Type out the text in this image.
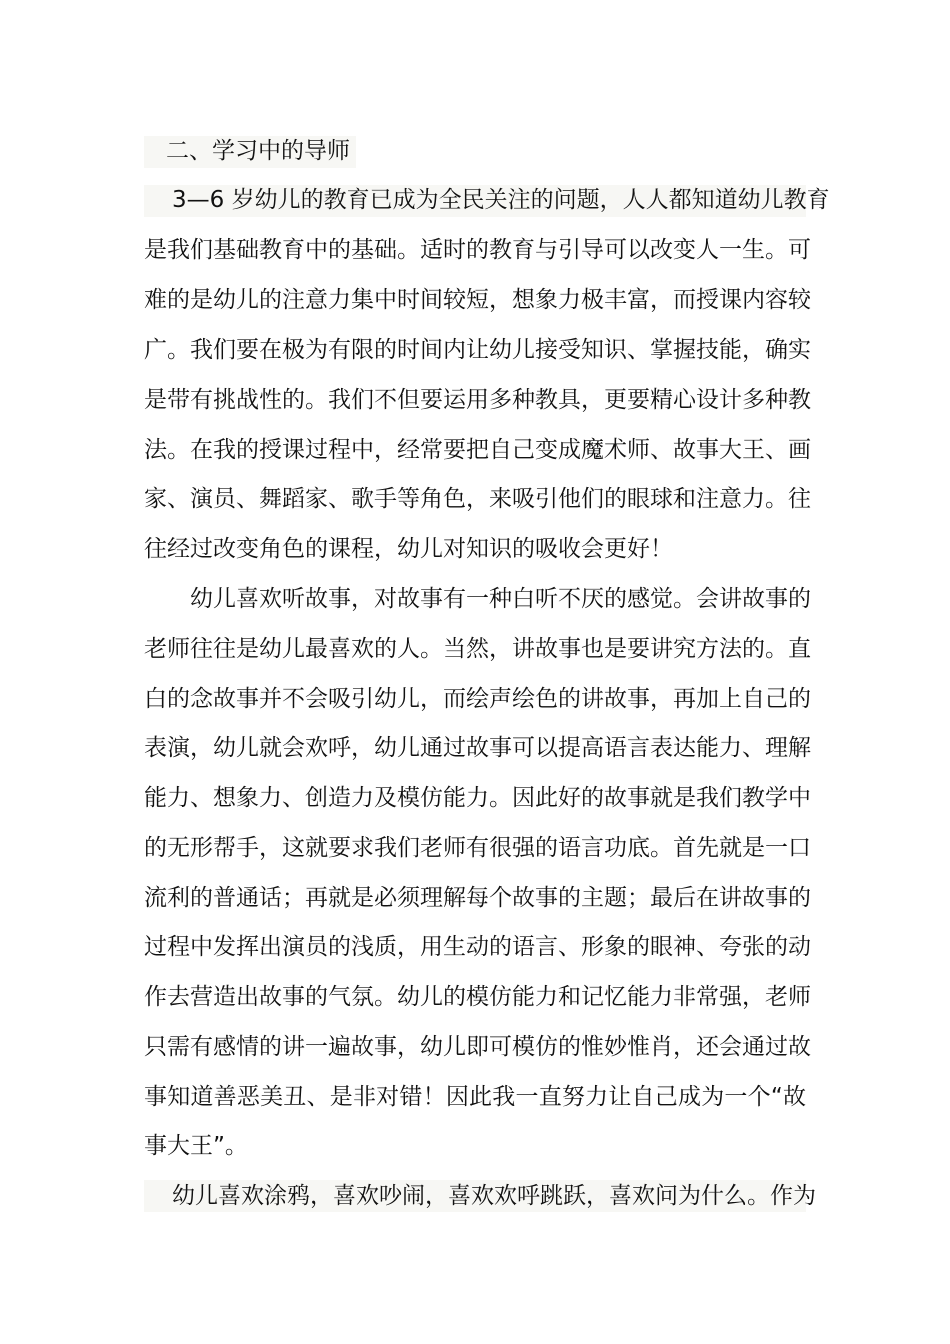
二、学习中的导师
3—6 岁幼儿的教育已成为全民关注的问题，人人都知道幼儿教育
是我们基础教育中的基础。适时的教育与引导可以改变人一生。可
难的是幼儿的注意力集中时间较短，想象力极丰富，而授课内容较
广。我们要在极为有限的时间内让幼儿接受知识、掌握技能，确实
是带有挑战性的。我们不但要运用多种教具，更要精心设计多种教
法。在我的授课过程中，经常要把自己变成魔术师、故事大王、画
家、演员、舞蹈家、歌手等角色，来吸引他们的眼球和注意力。往
往经过改变角色的课程，幼儿对知识的吸收会更好！
幼儿喜欢听故事，对故事有一种白听不厌的感觉。会讲故事的
老师往往是幼儿最喜欢的人。当然，讲故事也是要讲究方法的。直
白的念故事并不会吸引幼儿，而绘声绘色的讲故事，再加上自己的
表演，幼儿就会欢呼，幼儿通过故事可以提高语言表达能力、理解
能力、想象力、创造力及模仿能力。因此好的故事就是我们教学中
的无形帮手，这就要求我们老师有很强的语言功底。首先就是一口
流利的普通话；再就是必须理解每个故事的主题；最后在讲故事的
过程中发挥出演员的浅质，用生动的语言、形象的眼神、夸张的动
作去营造出故事的气氛。幼儿的模仿能力和记忆能力非常强，老师
只需有感情的讲一遍故事，幼儿即可模仿的惟妙惟肖，还会通过故
事知道善恶美丑、是非对错！因此我一直努力让自己成为一个“故
事大王”。
幼儿喜欢涂鸦，喜欢吵闹，喜欢欢呼跳跃，喜欢问为什么。作为
